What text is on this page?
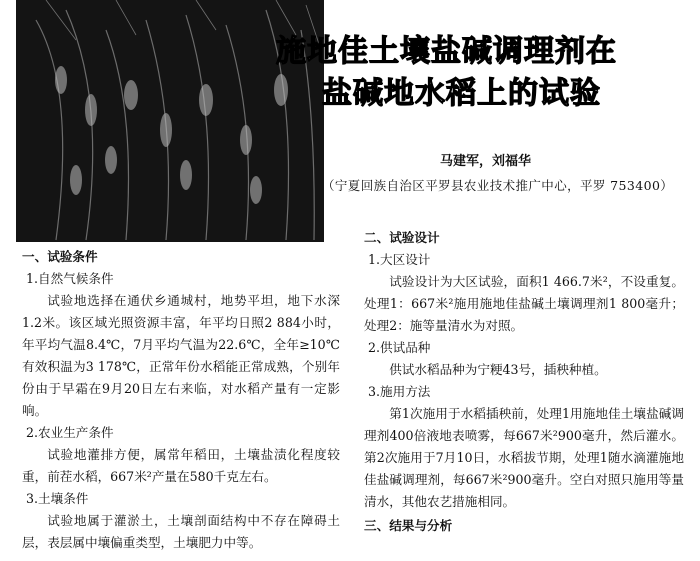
施地佳土壤盐碱调理剂在
盐碱地水稻上的试验
马建军，刘福华
（宁夏回族自治区平罗县农业技术推广中心，平罗 753400）

一、试验条件

1.自然气候条件

试验地选择在通伏乡通城村，地势平坦，地下水深1.2米。该区域光照资源丰富，年平均日照2 884小时，年平均气温8.4℃，7月平均气温为22.6℃，全年≥10℃有效积温为3 178℃，正常年份水稻能正常成熟，个别年份由于早霜在9月20日左右来临，对水稻产量有一定影响。

2.农业生产条件

试验地灌排方便，属常年稻田，土壤盐渍化程度较重，前茬水稻，667米²产量在580千克左右。

3.土壤条件

试验地属于灌淤土，土壤剖面结构中不存在障碍土层，表层属中壤偏重类型，土壤肥力中等。

二、试验设计

1.大区设计

试验设计为大区试验，面积1 466.7米²，不设重复。处理1：667米²施用施地佳盐碱土壤调理剂1 800毫升；处理2：施等量清水为对照。

2.供试品种

供试水稻品种为宁粳43号，插秧种植。

3.施用方法

第1次施用于水稻插秧前，处理1用施地佳土壤盐碱调理剂400倍液地表喷雾，每667米²900毫升，然后灌水。第2次施用于7月10日，水稻拔节期，处理1随水滴灌施地佳盐碱调理剂，每667米²900毫升。空白对照只施用等量清水，其他农艺措施相同。

三、结果与分析
